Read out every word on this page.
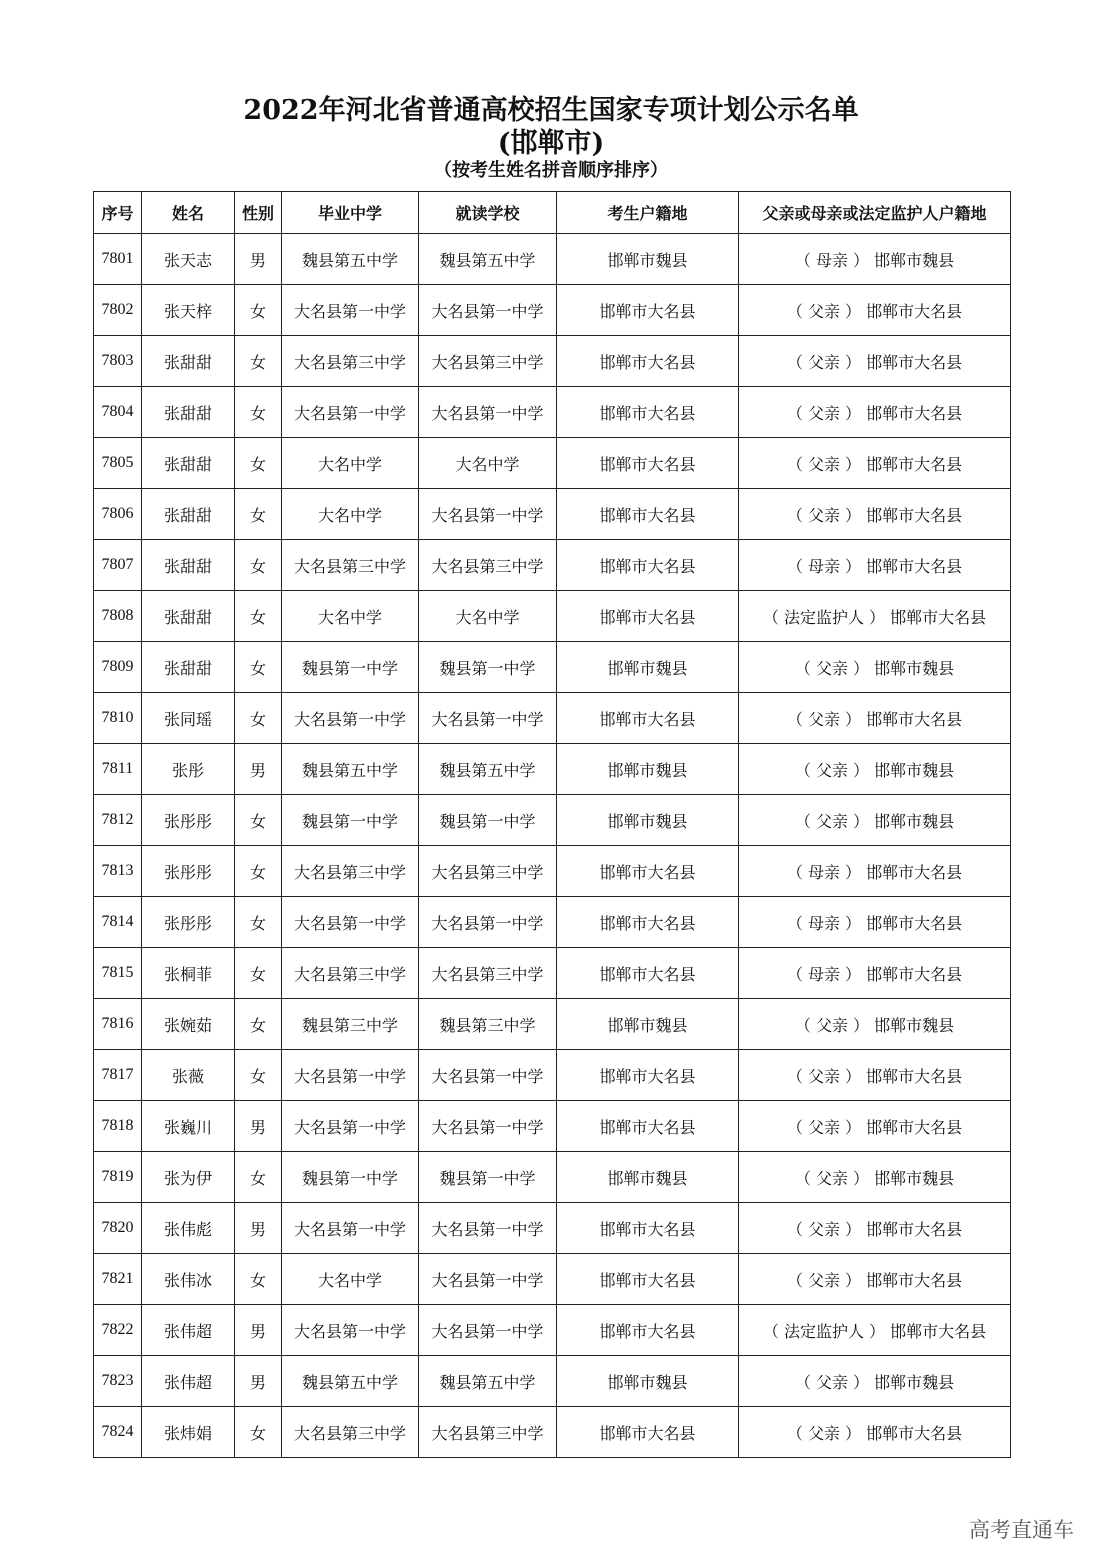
2022年河北省普通高校招生国家专项计划公示名单
(邯郸市)
（按考生姓名拼音顺序排序）
序号	姓名	性别	毕业中学	就读学校	考生户籍地	父亲或母亲或法定监护人户籍地
7801	张天志	男	魏县第五中学	魏县第五中学	邯郸市魏县	（ 母亲 ） 邯郸市魏县
7802	张天梓	女	大名县第一中学	大名县第一中学	邯郸市大名县	（ 父亲 ） 邯郸市大名县
7803	张甜甜	女	大名县第三中学	大名县第三中学	邯郸市大名县	（ 父亲 ） 邯郸市大名县
7804	张甜甜	女	大名县第一中学	大名县第一中学	邯郸市大名县	（ 父亲 ） 邯郸市大名县
7805	张甜甜	女	大名中学	大名中学	邯郸市大名县	（ 父亲 ） 邯郸市大名县
7806	张甜甜	女	大名中学	大名县第一中学	邯郸市大名县	（ 父亲 ） 邯郸市大名县
7807	张甜甜	女	大名县第三中学	大名县第三中学	邯郸市大名县	（ 母亲 ） 邯郸市大名县
7808	张甜甜	女	大名中学	大名中学	邯郸市大名县	（ 法定监护人 ） 邯郸市大名县
7809	张甜甜	女	魏县第一中学	魏县第一中学	邯郸市魏县	（ 父亲 ） 邯郸市魏县
7810	张同瑶	女	大名县第一中学	大名县第一中学	邯郸市大名县	（ 父亲 ） 邯郸市大名县
7811	张彤	男	魏县第五中学	魏县第五中学	邯郸市魏县	（ 父亲 ） 邯郸市魏县
7812	张彤彤	女	魏县第一中学	魏县第一中学	邯郸市魏县	（ 父亲 ） 邯郸市魏县
7813	张彤彤	女	大名县第三中学	大名县第三中学	邯郸市大名县	（ 母亲 ） 邯郸市大名县
7814	张彤彤	女	大名县第一中学	大名县第一中学	邯郸市大名县	（ 母亲 ） 邯郸市大名县
7815	张桐菲	女	大名县第三中学	大名县第三中学	邯郸市大名县	（ 母亲 ） 邯郸市大名县
7816	张婉茹	女	魏县第三中学	魏县第三中学	邯郸市魏县	（ 父亲 ） 邯郸市魏县
7817	张薇	女	大名县第一中学	大名县第一中学	邯郸市大名县	（ 父亲 ） 邯郸市大名县
7818	张巍川	男	大名县第一中学	大名县第一中学	邯郸市大名县	（ 父亲 ） 邯郸市大名县
7819	张为伊	女	魏县第一中学	魏县第一中学	邯郸市魏县	（ 父亲 ） 邯郸市魏县
7820	张伟彪	男	大名县第一中学	大名县第一中学	邯郸市大名县	（ 父亲 ） 邯郸市大名县
7821	张伟冰	女	大名中学	大名县第一中学	邯郸市大名县	（ 父亲 ） 邯郸市大名县
7822	张伟超	男	大名县第一中学	大名县第一中学	邯郸市大名县	（ 法定监护人 ） 邯郸市大名县
7823	张伟超	男	魏县第五中学	魏县第五中学	邯郸市魏县	（ 父亲 ） 邯郸市魏县
7824	张炜娟	女	大名县第三中学	大名县第三中学	邯郸市大名县	（ 父亲 ） 邯郸市大名县
高考直通车
